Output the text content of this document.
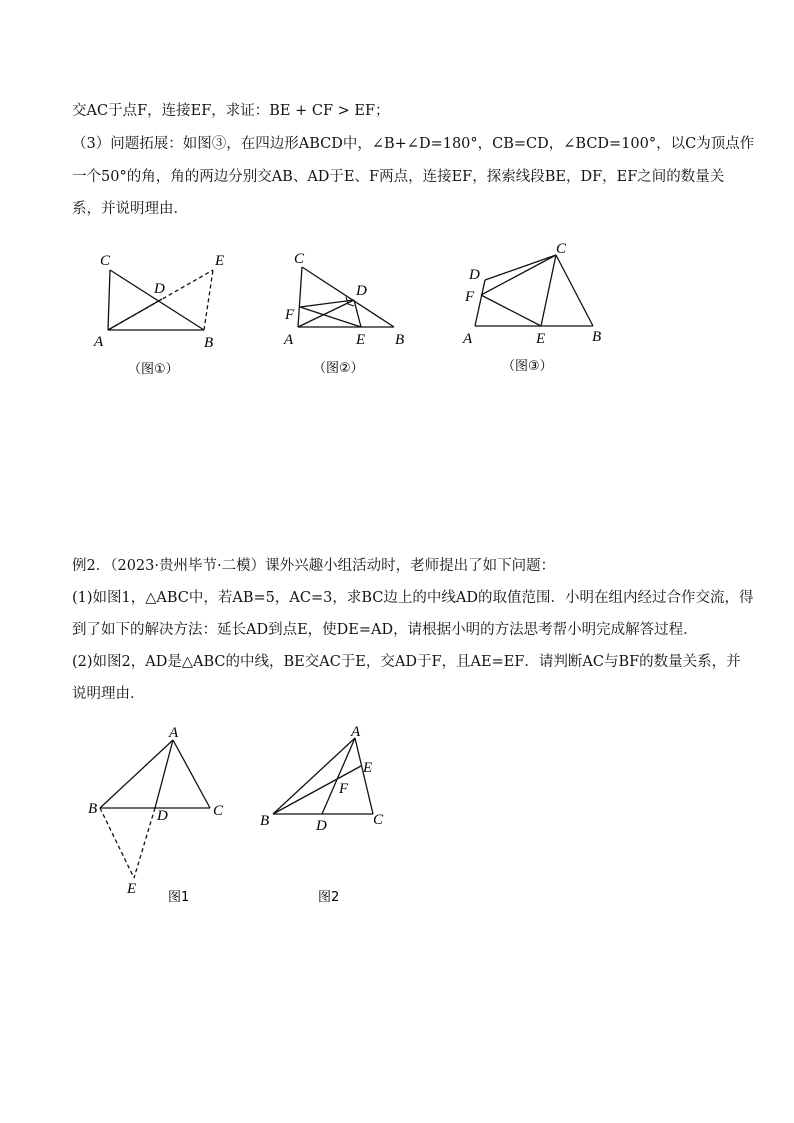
交AC于点F，连接EF，求证：BE + CF > EF；

（3）问题拓展：如图③，在四边形ABCD中，∠B+∠D=180°，CB=CD，∠BCD=100°，以C为顶点作

一个50°的角，角的两边分别交AB、AD于E、F两点，连接EF，探索线段BE，DF，EF之间的数量关

系，并说明理由．

C
D
E
A	B
（图①）
C
D
F
A	E B
（图②）
C
D
F
A	E	B
（图③）

例2．（2023·贵州毕节·二模）课外兴趣小组活动时，老师提出了如下问题：

(1)如图1，△ABC中，若AB=5，AC=3，求BC边上的中线AD的取值范围．小明在组内经过合作交流，得

到了如下的解决方法：延长AD到点E，使DE=AD，请根据小明的方法思考帮小明完成解答过程．

(2)如图2，AD是△ABC的中线，BE交AC于E，交AD于F，且AE=EF．请判断AC与BF的数量关系，并

说明理由．

A
B	D	C
E
图1
A
E
F
B	D	C
图2
